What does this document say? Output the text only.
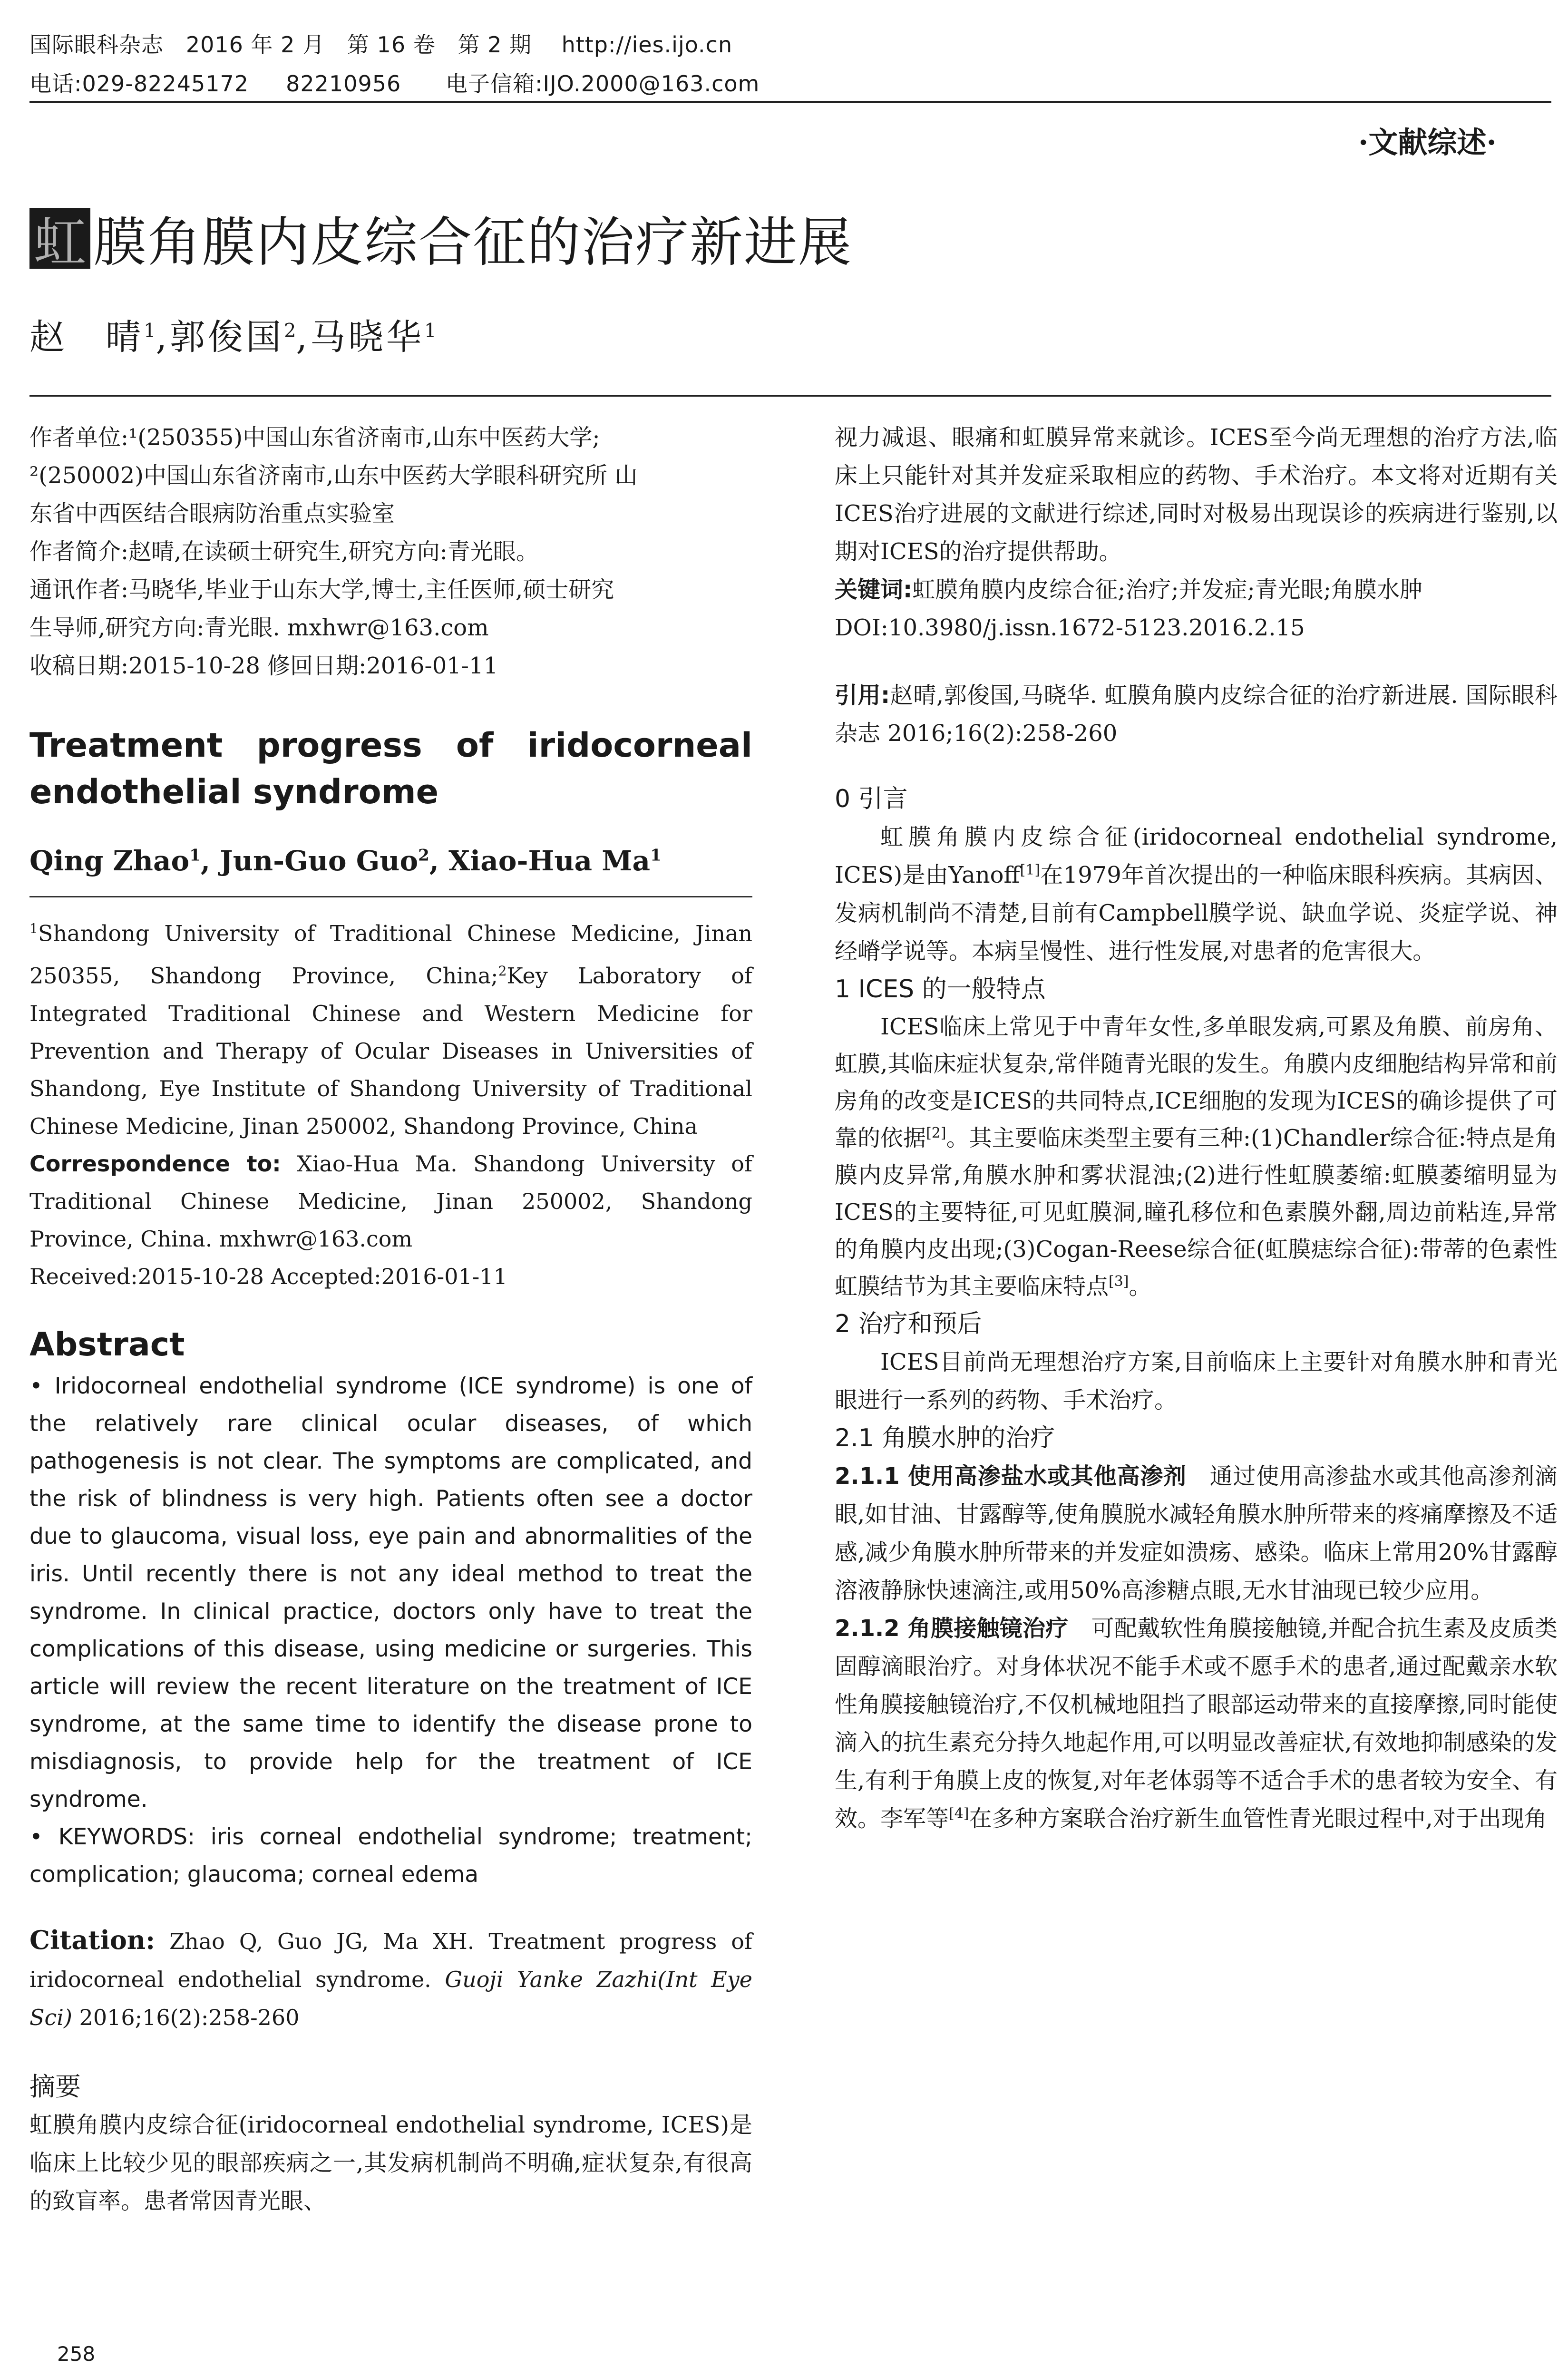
国际眼科杂志   2016 年 2 月   第 16 卷   第 2 期    http://ies.ijo.cn
电话:029-82245172     82210956      电子信箱:IJO.2000@163.com
·文献综述·
虹 膜角膜内皮综合征的治疗新进展
赵　晴$^1$,郭俊国$^2$,马晓华$^1$

作者单位:¹(250355)中国山东省济南市,山东中医药大学;

²(250002)中国山东省济南市,山东中医药大学眼科研究所 山

东省中西医结合眼病防治重点实验室

作者简介:赵晴,在读硕士研究生,研究方向:青光眼。

通讯作者:马晓华,毕业于山东大学,博士,主任医师,硕士研究

生导师,研究方向:青光眼. mxhwr@163.com

收稿日期:2015-10-28 修回日期:2016-01-11

Treatment progress of iridocorneal endothelial syndrome

Qing Zhao$^1$, Jun-Guo Guo$^2$, Xiao-Hua Ma$^1$

$^1$Shandong University of Traditional Chinese Medicine, Jinan 250355, Shandong Province, China;$^2$Key Laboratory of Integrated Traditional Chinese and Western Medicine for Prevention and Therapy of Ocular Diseases in Universities of Shandong, Eye Institute of Shandong University of Traditional Chinese Medicine, Jinan 250002, Shandong Province, China

Correspondence to: Xiao-Hua Ma. Shandong University of Traditional Chinese Medicine, Jinan 250002, Shandong Province, China. mxhwr@163.com

Received:2015-10-28 Accepted:2016-01-11

Abstract

• Iridocorneal endothelial syndrome (ICE syndrome) is one of the relatively rare clinical ocular diseases, of which pathogenesis is not clear. The symptoms are complicated, and the risk of blindness is very high. Patients often see a doctor due to glaucoma, visual loss, eye pain and abnormalities of the iris. Until recently there is not any ideal method to treat the syndrome. In clinical practice, doctors only have to treat the complications of this disease, using medicine or surgeries. This article will review the recent literature on the treatment of ICE syndrome, at the same time to identify the disease prone to misdiagnosis, to provide help for the treatment of ICE syndrome.

• KEYWORDS: iris corneal endothelial syndrome; treatment; complication; glaucoma; corneal edema

Citation: Zhao Q, Guo JG, Ma XH. Treatment progress of iridocorneal endothelial syndrome. Guoji Yanke Zazhi(Int Eye Sci) 2016;16(2):258-260

摘要

虹膜角膜内皮综合征(iridocorneal endothelial syndrome, ICES)是临床上比较少见的眼部疾病之一,其发病机制尚不明确,症状复杂,有很高的致盲率。患者常因青光眼、

视力减退、眼痛和虹膜异常来就诊。ICES至今尚无理想的治疗方法,临床上只能针对其并发症采取相应的药物、手术治疗。本文将对近期有关ICES治疗进展的文献进行综述,同时对极易出现误诊的疾病进行鉴别,以期对ICES的治疗提供帮助。

关键词:虹膜角膜内皮综合征;治疗;并发症;青光眼;角膜水肿

DOI:10.3980/j.issn.1672-5123.2016.2.15

引用:赵晴,郭俊国,马晓华. 虹膜角膜内皮综合征的治疗新进展. 国际眼科杂志 2016;16(2):258-260

0 引言

虹膜角膜内皮综合征(iridocorneal endothelial syndrome, ICES)是由Yanoff[1]在1979年首次提出的一种临床眼科疾病。其病因、发病机制尚不清楚,目前有Campbell膜学说、缺血学说、炎症学说、神经嵴学说等。本病呈慢性、进行性发展,对患者的危害很大。

1 ICES 的一般特点

ICES临床上常见于中青年女性,多单眼发病,可累及角膜、前房角、虹膜,其临床症状复杂,常伴随青光眼的发生。角膜内皮细胞结构异常和前房角的改变是ICES的共同特点,ICE细胞的发现为ICES的确诊提供了可靠的依据[2]。其主要临床类型主要有三种:(1)Chandler综合征:特点是角膜内皮异常,角膜水肿和雾状混浊;(2)进行性虹膜萎缩:虹膜萎缩明显为ICES的主要特征,可见虹膜洞,瞳孔移位和色素膜外翻,周边前粘连,异常的角膜内皮出现;(3)Cogan-Reese综合征(虹膜痣综合征):带蒂的色素性虹膜结节为其主要临床特点[3]。

2 治疗和预后

ICES目前尚无理想治疗方案,目前临床上主要针对角膜水肿和青光眼进行一系列的药物、手术治疗。

2.1 角膜水肿的治疗

2.1.1 使用高渗盐水或其他高渗剂　通过使用高渗盐水或其他高渗剂滴眼,如甘油、甘露醇等,使角膜脱水减轻角膜水肿所带来的疼痛摩擦及不适感,减少角膜水肿所带来的并发症如溃疡、感染。临床上常用20%甘露醇溶液静脉快速滴注,或用50%高渗糖点眼,无水甘油现已较少应用。

2.1.2 角膜接触镜治疗　可配戴软性角膜接触镜,并配合抗生素及皮质类固醇滴眼治疗。对身体状况不能手术或不愿手术的患者,通过配戴亲水软性角膜接触镜治疗,不仅机械地阻挡了眼部运动带来的直接摩擦,同时能使滴入的抗生素充分持久地起作用,可以明显改善症状,有效地抑制感染的发生,有利于角膜上皮的恢复,对年老体弱等不适合手术的患者较为安全、有效。李军等[4]在多种方案联合治疗新生血管性青光眼过程中,对于出现角

258
